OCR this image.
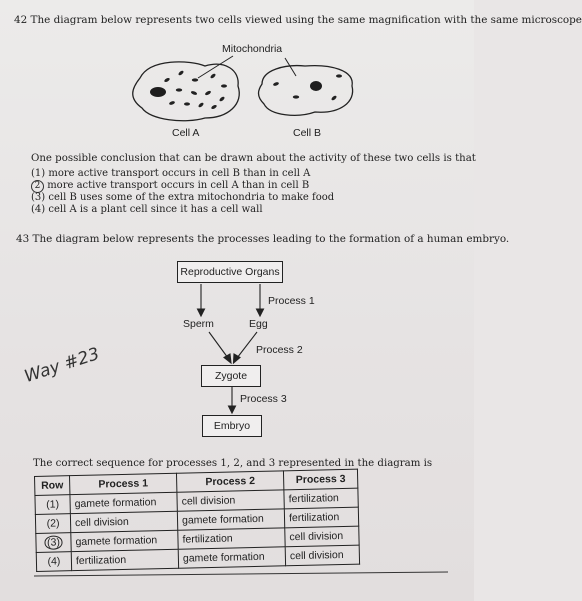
42 The diagram below represents two cells viewed using the same magnification with the same microscope
Mitochondria
Cell A	Cell B
One possible conclusion that can be drawn about the activity of these two cells is that
(1) more active transport occurs in cell B than in cell A
2 more active transport occurs in cell A than in cell B
(3) cell B uses some of the extra mitochondria to make food
(4) cell A is a plant cell since it has a cell wall
43 The diagram below represents the processes leading to the formation of a human embryo.
Reproductive Organs
Process 1
Sperm	Egg
Process 2
Zygote
Process 3
Embryo
Way #23
The correct sequence for processes 1, 2, and 3 represented in the diagram is
Row	Process 1	Process 2	Process 3
(1)	gamete formation	cell division	fertilization
(2)	cell division	gamete formation	fertilization
(3)	gamete formation	fertilization	cell division
(4)	fertilization	gamete formation	cell division
